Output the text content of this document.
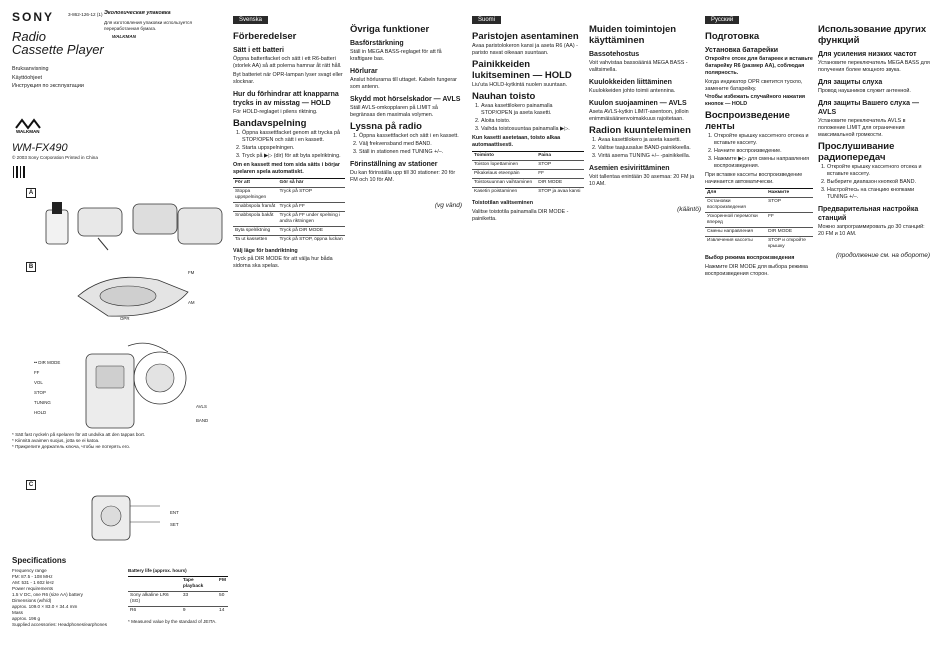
SONY	3-862-126-12 (1) Экологическая упаковка
Для изготовления упаковки используется переработанная бумага.
Radio
Cassette Player
WALKMAN
Bruksanvisning
Käyttöohjeet
Инструкция по эксплуатации
WALKMAN
WM-FX490
© 2003 Sony Corporation Printed in China
A
B
FM
AM
OPR
•• DIR MODE
FF
VOL
STOP
TUNING
HOLD
AVLS
BAND
* Sätt fast nyckeln på spelaren för att undvika att den tappas bort.
* Kiinnitä avaimen suojus, jotta se ei katoa.
* Прикрепите держатель ключа, чтобы не потерять его.
C
ENT
SET
Specifications
Frequency range
FM: 87.5 - 108 MHz
AM: 531 - 1 602 kHz
Power requirements
1.5 V DC, one R6 (size AA) battery
Dimensions (w/h/d)
approx. 109.0 × 83.0 × 34.4 mm
Mass
approx. 196 g
Supplied accessories: Headphones/earphones
Battery life (approx. hours)
	Tape playback	FM
Sony alkaline LR6 (SG)	33	50
R6	9	14
* Measured value by the standard of JEITA.
Svenska
Förberedelser
Sätt i ett batteri
Öppna batterifacket och sätt i ett R6-batteri (storlek AA) så att polerna hamnar åt rätt håll.
Byt batteriet när OPR-lampan lyser svagt eller slocknar.
Hur du förhindrar att knapparna trycks in av misstag — HOLD
För HOLD-reglaget i pilens riktning.
Bandavspelning
1. Öppna kassettfacket genom att trycka på STOP/OPEN och sätt i en kassett.
2. Starta uppspelningen.
3. Tryck på ▶▷ (dir) för att byta spelriktning.
Om en kassett med tom sida sätts i börjar spelaren spela automatiskt.
För att	Gör så här
Stoppa uppspelningen	Tryck på STOP
Snabbspola framåt	Tryck på FF
Snabbspola bakåt	Tryck på FF under spelning i andra riktningen
Byta spelriktning	Tryck på DIR MODE
Ta ut kassetten	Tryck på STOP, öppna luckan
Välj läge för bandriktning
Tryck på DIR MODE för att välja hur båda sidorna ska spelas.
Övriga funktioner
Basförstärkning
Ställ in MEGA BASS-reglaget för att få kraftigare bas.
Hörlurar
Anslut hörlurarna till uttaget. Kabeln fungerar som antenn.
Skydd mot hörselskador — AVLS
Ställ AVLS-omkopplaren på LIMIT så begränsas den maximala volymen.
Lyssna på radio
1. Öppna kassettfacket och sätt i en kassett.
2. Välj frekvensband med BAND.
3. Ställ in stationen med TUNING +/–.
Förinställning av stationer
Du kan förinställa upp till 30 stationer: 20 för FM och 10 för AM.
(vg vänd)
Suomi
Paristojen asentaminen
Avaa paristolokeron kansi ja aseta R6 (AA) -paristo navat oikeaan suuntaan.
Painikkeiden lukitseminen — HOLD
Liu'uta HOLD-kytkintä nuolen suuntaan.
Nauhan toisto
1. Avaa kasettilokero painamalla STOP/OPEN ja aseta kasetti.
2. Aloita toisto.
3. Vaihda toistosuuntaa painamalla ▶▷.
Kun kasetti asetetaan, toisto alkaa automaattisesti.
Toiminto	Paina
Toiston lopettaminen	STOP
Pikakelaus eteenpäin	FF
Toistosuunnan vaihtaminen	DIR MODE
Kasetin poistaminen	STOP ja avaa kansi
Toistotilan valitseminen
Valitse toistotila painamalla DIR MODE -painiketta.
Muiden toimintojen käyttäminen
Bassotehostus
Voit vahvistaa bassoääniä MEGA BASS -valitsimella.
Kuulokkeiden liittäminen
Kuulokkeiden johto toimii antennina.
Kuulon suojaaminen — AVLS
Aseta AVLS-kytkin LIMIT-asentoon, jolloin enimmäisäänenvoimakkuus rajoitetaan.
Radion kuunteleminen
1. Avaa kasettilokero ja aseta kasetti.
2. Valitse taajuusalue BAND-painikkeella.
3. Viritä asema TUNING +/– -painikkeilla.
Asemien esivirittäminen
Voit tallentaa enintään 30 asemaa: 20 FM ja 10 AM.
(kääntö)
Русский
Подготовка
Установка батарейки
Откройте отсек для батареек и вставьте батарейку R6 (размер AA), соблюдая полярность.
Когда индикатор OPR светится тускло, замените батарейку.
Чтобы избежать случайного нажатия кнопок — HOLD
Воспроизведение ленты
1. Откройте крышку кассетного отсека и вставьте кассету.
2. Начните воспроизведение.
3. Нажмите ▶▷ для смены направления воспроизведения.
При вставке кассеты воспроизведение начинается автоматически.
Для	Нажмите
Остановки воспроизведения	STOP
Ускоренной перемотки вперед	FF
Смены направления	DIR MODE
Извлечения кассеты	STOP и откройте крышку
Выбор режима воспроизведения
Нажмите DIR MODE для выбора режима воспроизведения сторон.
Использование других функций
Для усиления низких частот
Установите переключатель MEGA BASS для получения более мощного звука.
Для защиты слуха
Провод наушников служит антенной.
Для защиты Вашего слуха — AVLS
Установите переключатель AVLS в положение LIMIT для ограничения максимальной громкости.
Прослушивание радиопередач
1. Откройте крышку кассетного отсека и вставьте кассету.
2. Выберите диапазон кнопкой BAND.
3. Настройтесь на станцию кнопками TUNING +/–.
Предварительная настройка станций
Можно запрограммировать до 30 станций: 20 FM и 10 AM.
(продолжение см. на обороте)
